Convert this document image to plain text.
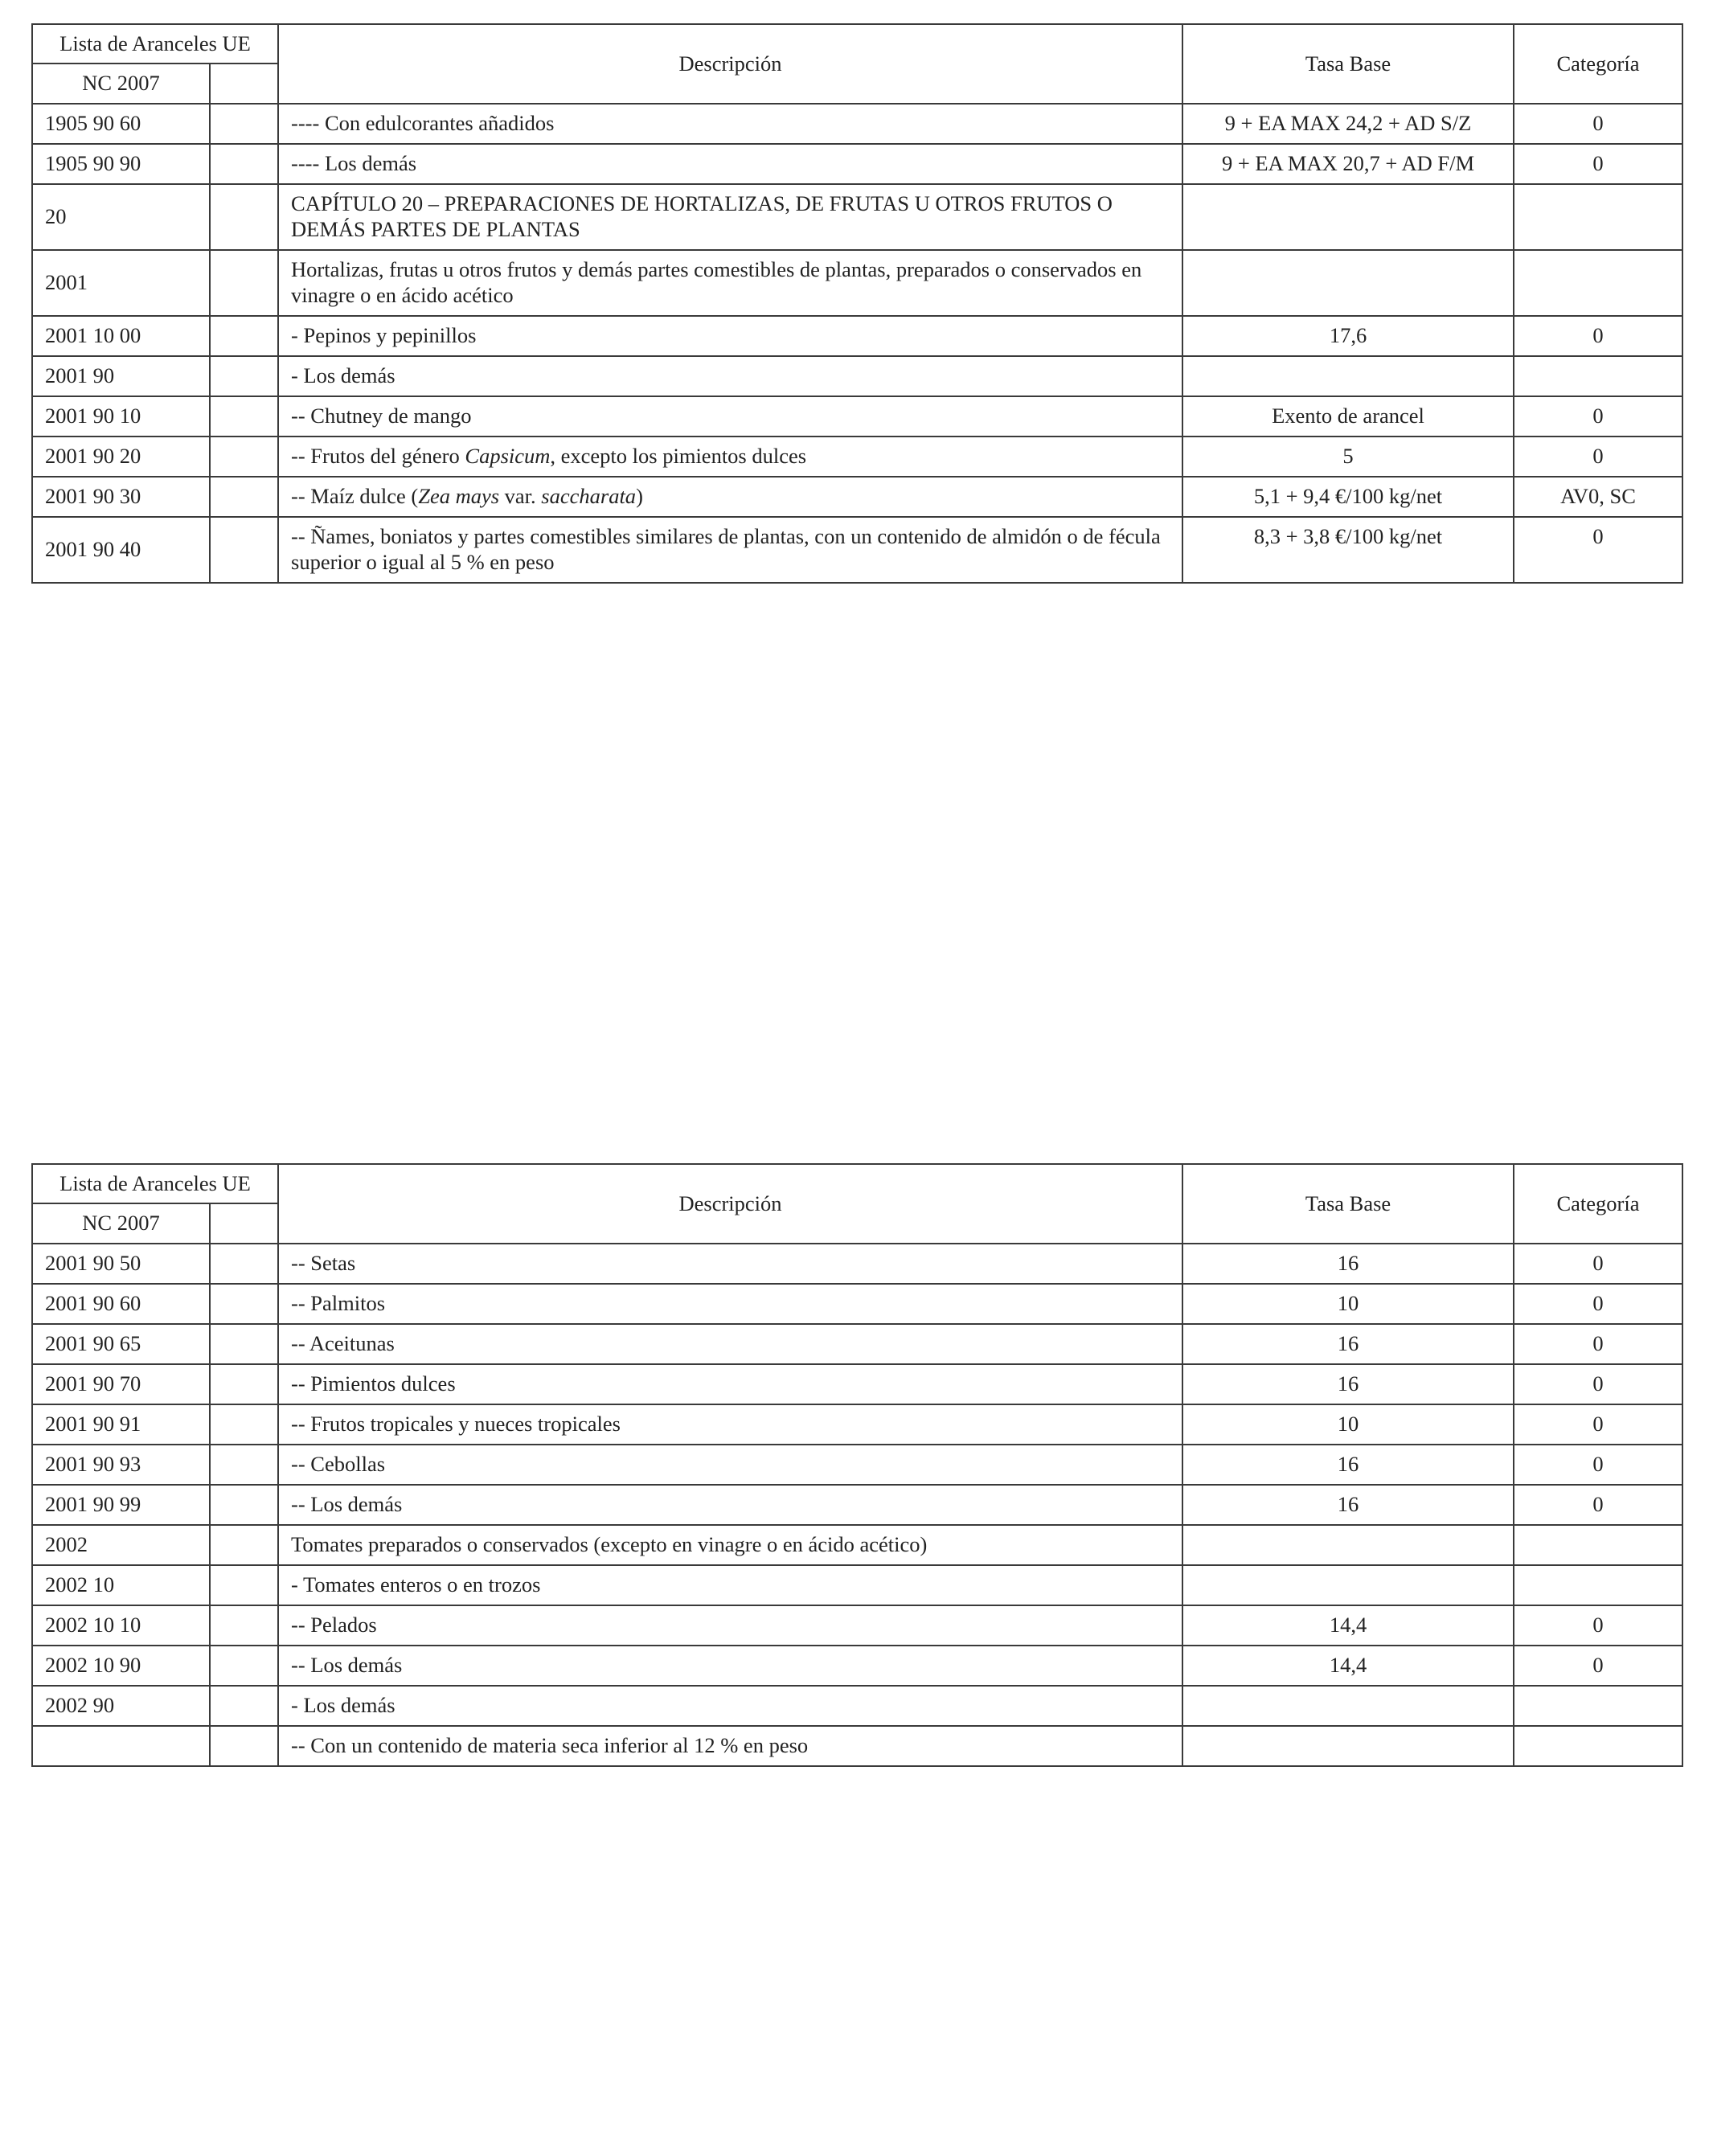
Lista de Aranceles UE		Descripción	Tasa Base	Categoría
NC 2007				
1905 90 60		---- Con edulcorantes añadidos	9 + EA MAX 24,2 + AD S/Z	0
1905 90 90		---- Los demás	9 + EA MAX 20,7 + AD F/M	0
20		CAPÍTULO 20 – PREPARACIONES DE HORTALIZAS, DE FRUTAS U OTROS FRUTOS O DEMÁS PARTES DE PLANTAS		
2001		Hortalizas, frutas u otros frutos y demás partes comestibles de plantas, preparados o conservados en vinagre o en ácido acético		
2001 10 00		- Pepinos y pepinillos	17,6	0
2001 90		- Los demás		
2001 90 10		-- Chutney de mango	Exento de arancel	0
2001 90 20		-- Frutos del género Capsicum, excepto los pimientos dulces	5	0
2001 90 30		-- Maíz dulce (Zea mays var. saccharata)	5,1 + 9,4 €/100 kg/net	AV0, SC
2001 90 40		-- Ñames, boniatos y partes comestibles similares de plantas, con un contenido de almidón o de fécula superior o igual al 5 % en peso	8,3 + 3,8 €/100 kg/net	0
Lista de Aranceles UE		Descripción	Tasa Base	Categoría
NC 2007				
2001 90 50		-- Setas	16	0
2001 90 60		-- Palmitos	10	0
2001 90 65		-- Aceitunas	16	0
2001 90 70		-- Pimientos dulces	16	0
2001 90 91		-- Frutos tropicales y nueces tropicales	10	0
2001 90 93		-- Cebollas	16	0
2001 90 99		-- Los demás	16	0
2002		Tomates preparados o conservados (excepto en vinagre o en ácido acético)		
2002 10		- Tomates enteros o en trozos		
2002 10 10		-- Pelados	14,4	0
2002 10 90		-- Los demás	14,4	0
2002 90		- Los demás		
		-- Con un contenido de materia seca inferior al 12 % en peso		
